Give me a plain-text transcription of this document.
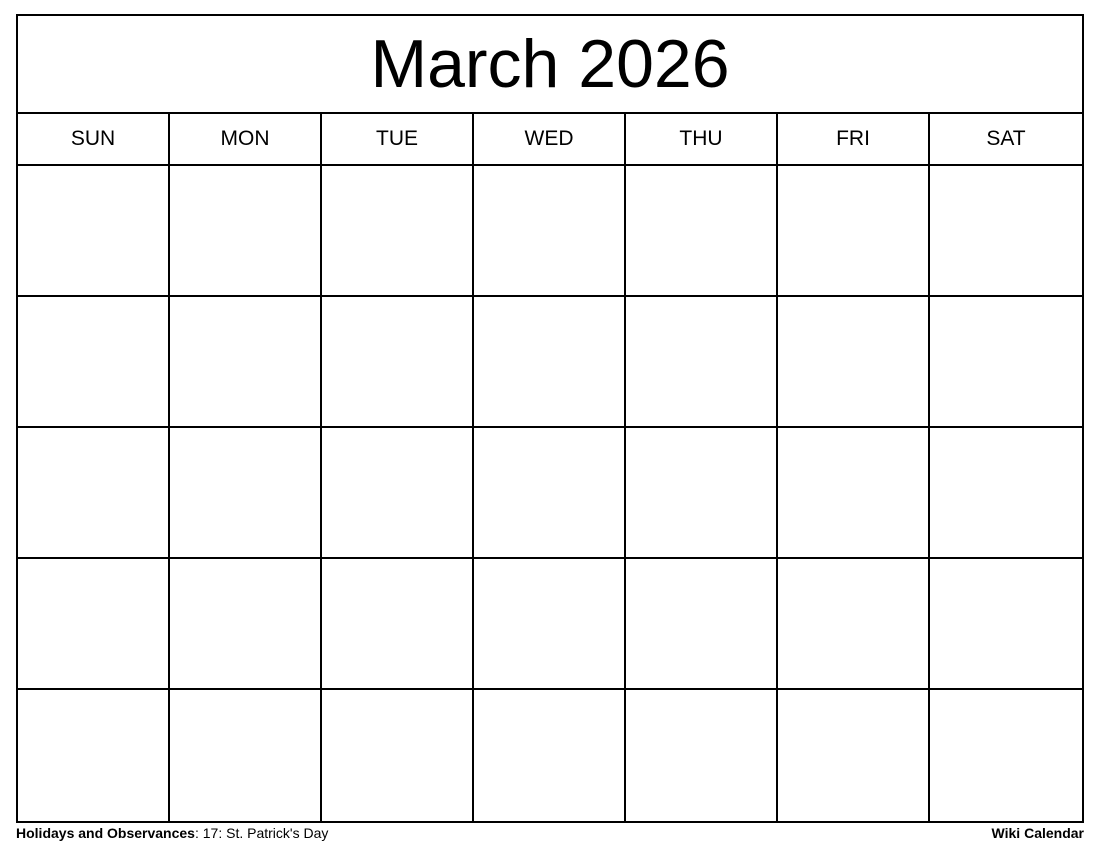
March 2026
SUN	MON	TUE	WED	THU	FRI	SAT
Holidays and Observances: 17: St. Patrick's Day	Wiki Calendar
